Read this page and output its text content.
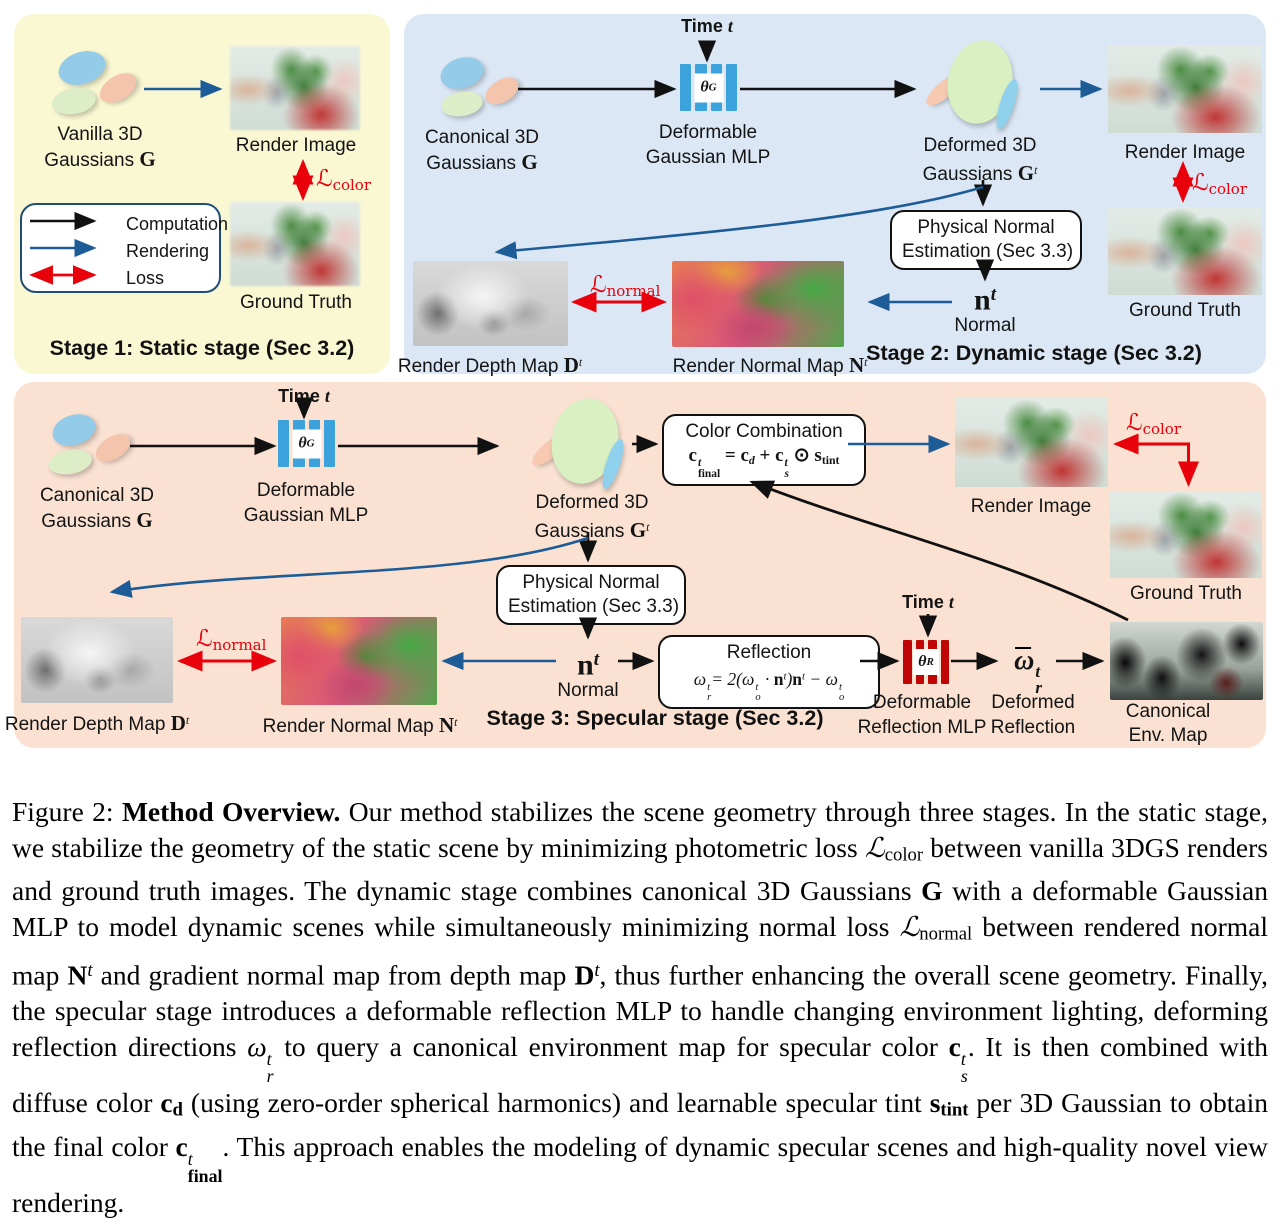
Vanilla 3D
Gaussians G
Render Image
ℒcolor
Ground Truth
Computation
Rendering
Loss
Stage 1: Static stage (Sec 3.2)
Canonical 3D
Gaussians G
Time t
θ G
Deformable
Gaussian MLP
Deformed 3D
Gaussians $G^t$
Render Image
ℒcolor
Ground Truth
Physical Normal
Estimation (Sec 3.3)
$n^t$
Normal
Render Depth Map $D^t$
ℒnormal
Render Normal Map $N^t$
Stage 2: Dynamic stage (Sec 3.2)
Canonical 3D
Gaussians G
Time t
θ G
Deformable
Gaussian MLP
Deformed 3D
Gaussians $G^t$
Color Combination
c t
final
= cd + c t
s
⊙ stint
Render Image
ℒcolor
Ground Truth
Physical Normal
Estimation (Sec 3.3)
$n^t$
Normal
Reflection
ω t
r
= 2(ω t
o
· $n^t)n^t - \omega$ t
o
Time t
θ R
Deformable
Reflection MLP
ω t
r
Deformed
Reflection
Canonical
Env. Map
Render Depth Map $D^t$
ℒnormal
Render Normal Map $N^t$ Stage 3: Specular stage (Sec 3.2)

Figure 2: Method Overview. Our method stabilizes the scene geometry through three stages. In the static stage, we stabilize the geometry of the static scene by minimizing photometric loss ℒcolor between vanilla 3DGS renders and ground truth images. The dynamic stage combines canonical 3D Gaussians G with a deformable Gaussian MLP to model dynamic scenes while simultaneously minimizing normal loss ℒnormal between rendered normal map $N^t$ and gradient normal map from depth map $D^t$, thus further enhancing the overall scene geometry. Finally, the specular stage introduces a deformable reflection MLP to handle changing environment lighting, deforming reflection directions ω t
r
to query a canonical environment map for specular color c t
s
. It is then combined with diffuse color cd (using zero-order spherical harmonics) and learnable specular tint stint per 3D Gaussian to obtain the final color c t
final
. This approach enables the modeling of dynamic specular scenes and high-quality novel view rendering.
